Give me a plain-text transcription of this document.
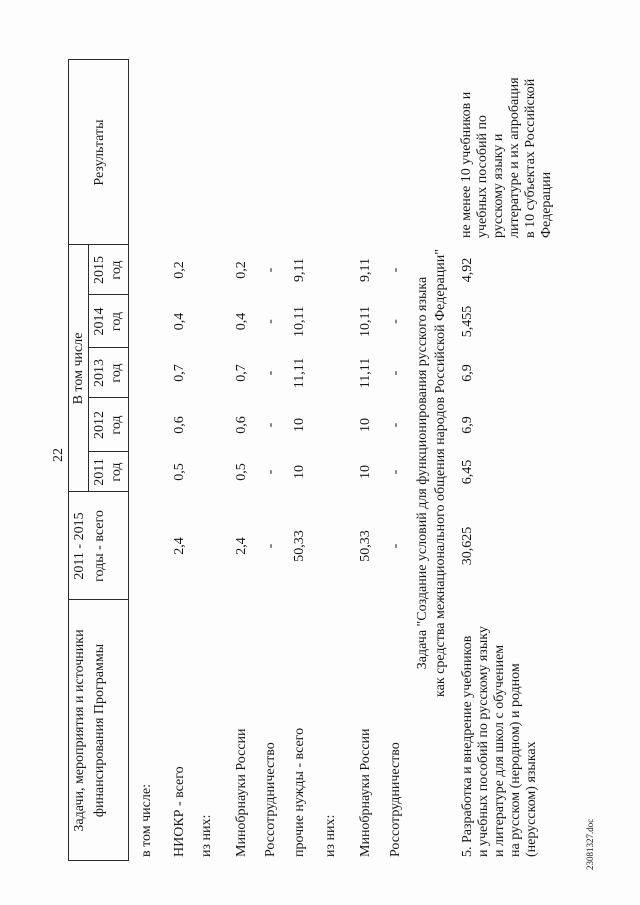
22
Задачи, мероприятия и источники финансирования Программы
2011 - 2015 годы - всего
В том числе
2011 год
2012 год
2013 год
2014 год
2015 год
Результаты
в том числе: НИОКР - всего
2,4
0,5
0,6
0,7
0,4
0,2
из них: Минобрнауки России
2,4
0,5
0,6
0,7
0,4
0,2
Россотрудничество
-
-
-
-
-
-
прочие нужды - всего
50,33
10
10
11,11
10,11
9,11
из них: Минобрнауки России
50,33
10
10
11,11
10,11
9,11
Россотрудничество
-
-
-
-
-
-
Задача "Создание условий для функционирования русского языка как средства межнационального общения народов Российской Федерации"
5. Разработка и внедрение учебников и учебных пособий по русскому языку и литературе для школ с обучением на русском (неродном) и родном (нерусском) языках
30,625
6,45
6,9
6,9
5,455
4,92
не менее 10 учебников и учебных пособий по русскому языку и литературе и их апробация в 10 субъектах Российской Федерации
23081327.doc
